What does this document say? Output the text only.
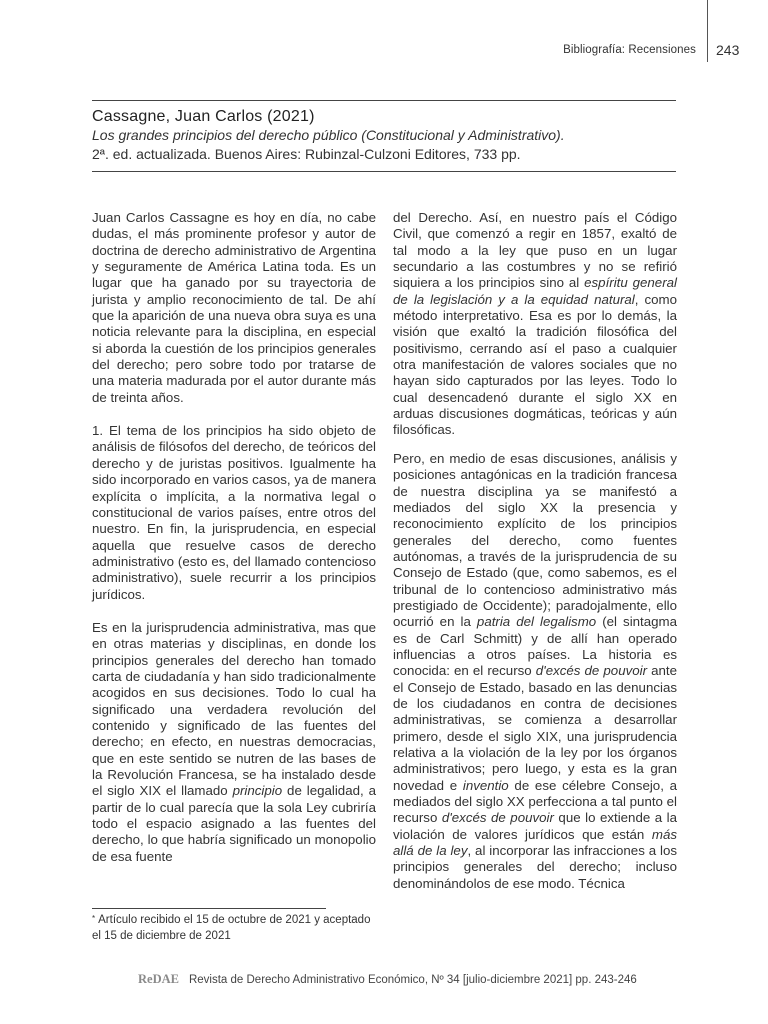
Bibliografía: Recensiones 243
Cassagne, Juan Carlos (2021)
Los grandes principios del derecho público (Constitucional y Administrativo).
2ª. ed. actualizada. Buenos Aires: Rubinzal-Culzoni Editores, 733 pp.

Juan Carlos Cassagne es hoy en día, no cabe dudas, el más prominente profesor y autor de doctrina de derecho administrativo de Argentina y seguramente de América Latina toda. Es un lugar que ha ganado por su trayectoria de jurista y amplio reconocimiento de tal. De ahí que la aparición de una nueva obra suya es una noticia relevante para la disciplina, en especial si aborda la cuestión de los principios generales del derecho; pero sobre todo por tratarse de una materia madurada por el autor durante más de treinta años.

1. El tema de los principios ha sido objeto de análisis de filósofos del derecho, de teóricos del derecho y de juristas positivos. Igualmente ha sido incorporado en varios casos, ya de manera explícita o implícita, a la normativa legal o constitucional de varios países, entre otros del nuestro. En fin, la jurisprudencia, en especial aquella que resuelve casos de derecho administrativo (esto es, del llamado contencioso administrativo), suele recurrir a los principios jurídicos.

Es en la jurisprudencia administrativa, mas que en otras materias y disciplinas, en donde los principios generales del derecho han tomado carta de ciudadanía y han sido tradicionalmente acogidos en sus decisiones. Todo lo cual ha significado una verdadera revolución del contenido y significado de las fuentes del derecho; en efecto, en nuestras democracias, que en este sentido se nutren de las bases de la Revolución Francesa, se ha instalado desde el siglo XIX el llamado principio de legalidad, a partir de lo cual parecía que la sola Ley cubriría todo el espacio asignado a las fuentes del derecho, lo que habría significado un monopolio de esa fuente

del Derecho. Así, en nuestro país el Código Civil, que comenzó a regir en 1857, exaltó de tal modo a la ley que puso en un lugar secundario a las costumbres y no se refirió siquiera a los principios sino al espíritu general de la legislación y a la equidad natural, como método interpretativo. Esa es por lo demás, la visión que exaltó la tradición filosófica del positivismo, cerrando así el paso a cualquier otra manifestación de valores sociales que no hayan sido capturados por las leyes. Todo lo cual desencadenó durante el siglo XX en arduas discusiones dogmáticas, teóricas y aún filosóficas.

Pero, en medio de esas discusiones, análisis y posiciones antagónicas en la tradición francesa de nuestra disciplina ya se manifestó a mediados del siglo XX la presencia y reconocimiento explícito de los principios generales del derecho, como fuentes autónomas, a través de la jurisprudencia de su Consejo de Estado (que, como sabemos, es el tribunal de lo contencioso administrativo más prestigiado de Occidente); paradojalmente, ello ocurrió en la patria del legalismo (el sintagma es de Carl Schmitt) y de allí han operado influencias a otros países. La historia es conocida: en el recurso d'excés de pouvoir ante el Consejo de Estado, basado en las denuncias de los ciudadanos en contra de decisiones administrativas, se comienza a desarrollar primero, desde el siglo XIX, una jurisprudencia relativa a la violación de la ley por los órganos administrativos; pero luego, y esta es la gran novedad e inventio de ese célebre Consejo, a mediados del siglo XX perfecciona a tal punto el recurso d'excés de pouvoir que lo extiende a la violación de valores jurídicos que están más allá de la ley, al incorporar las infracciones a los principios generales del derecho; incluso denominándolos de ese modo. Técnica

* Artículo recibido el 15 de octubre de 2021 y aceptado el 15 de diciembre de 2021
ReDAE Revista de Derecho Administrativo Económico, Nº 34 [julio-diciembre 2021] pp. 243-246
